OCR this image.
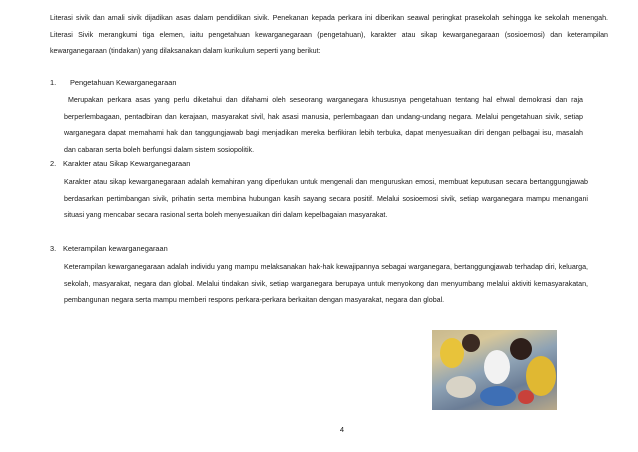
Literasi sivik dan amali sivik dijadikan asas dalam pendidikan sivik. Penekanan kepada perkara ini diberikan seawal peringkat prasekolah sehingga ke sekolah menengah. Literasi Sivik merangkumi tiga elemen, iaitu pengetahuan kewarganegaraan (pengetahuan), karakter atau sikap kewarganegaraan (sosioemosi) dan keterampilan kewarganegaraan (tindakan) yang dilaksanakan dalam kurikulum seperti yang berikut:

1. Pengetahuan Kewarganegaraan

Merupakan perkara asas yang perlu diketahui dan difahami oleh seseorang warganegara khususnya pengetahuan tentang hal ehwal demokrasi dan raja berperlembagaan, pentadbiran dan kerajaan, masyarakat sivil, hak asasi manusia, perlembagaan dan undang-undang negara. Melalui pengetahuan sivik, setiap warganegara dapat memahami hak dan tanggungjawab bagi menjadikan mereka berfikiran lebih terbuka, dapat menyesuaikan diri dengan pelbagai isu, masalah dan cabaran serta boleh berfungsi dalam sistem sosiopolitik.

2. Karakter atau Sikap Kewarganegaraan

Karakter atau sikap kewarganegaraan adalah kemahiran yang diperlukan untuk mengenali dan menguruskan emosi, membuat keputusan secara bertanggungjawab berdasarkan pertimbangan sivik, prihatin serta membina hubungan kasih sayang secara positif. Melalui sosioemosi sivik, setiap warganegara mampu menangani situasi yang mencabar secara rasional serta boleh menyesuaikan diri dalam kepelbagaian masyarakat.

3. Keterampilan kewarganegaraan

Keterampilan kewarganegaraan adalah individu yang mampu melaksanakan hak-hak kewajipannya sebagai warganegara, bertanggungjawab terhadap diri, keluarga, sekolah, masyarakat, negara dan global. Melalui tindakan sivik, setiap warganegara berupaya untuk menyokong dan menyumbang melalui aktiviti kemasyarakatan, pembangunan negara serta mampu memberi respons perkara-perkara berkaitan dengan masyarakat, negara dan global.

4
